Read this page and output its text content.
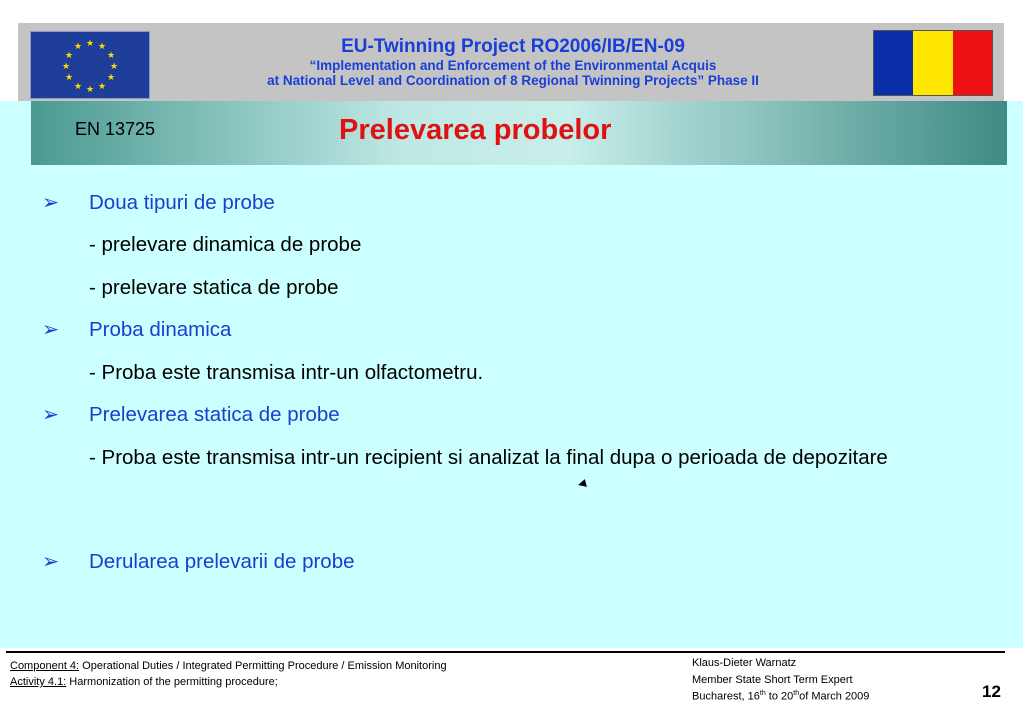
★ ★
★
★
★
★
★
★
★
★
★
★	EU-Twinning Project RO2006/IB/EN-09
“Implementation and Enforcement of the Environmental Acquis
at National Level and Coordination of 8 Regional Twinning Projects” Phase II
EN 13725	Prelevarea probelor
➢	Doua tipuri de probe
- prelevare dinamica de probe
- prelevare statica de probe
➢	Proba dinamica
- Proba este transmisa intr-un olfactometru.
➢	Prelevarea statica de probe
- Proba este transmisa intr-un recipient si analizat la final dupa o perioada de depozitare
➢	Derularea prelevarii de probe
Component 4: Operational Duties / Integrated Permitting Procedure / Emission Monitoring
Activity 4.1: Harmonization of the permitting procedure;
Klaus-Dieter Warnatz
Member State Short Term Expert
Bucharest, 16th to 20thof March 2009	12
